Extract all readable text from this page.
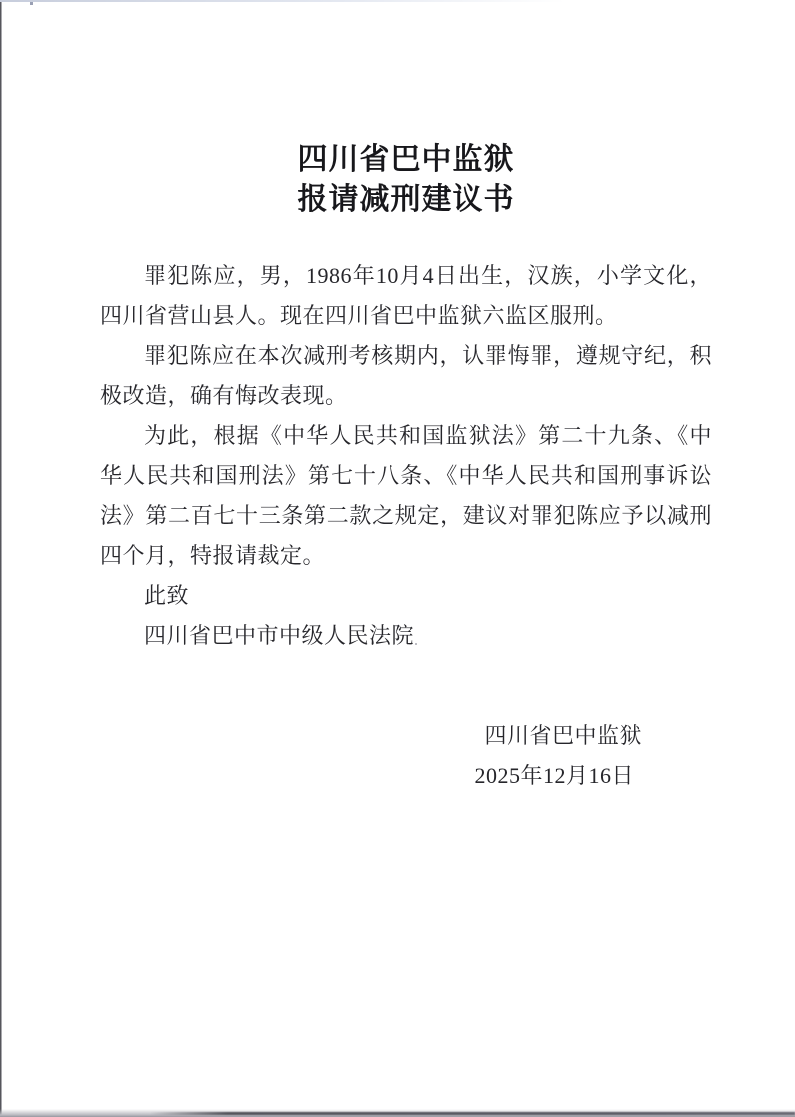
四川省巴中监狱
报请减刑建议书

罪犯陈应，男，1986年10月4日出生，汉族，小学文化，四川省营山县人。现在四川省巴中监狱六监区服刑。

罪犯陈应在本次减刑考核期内，认罪悔罪，遵规守纪，积极改造，确有悔改表现。

为此，根据《中华人民共和国监狱法》第二十九条、《中华人民共和国刑法》第七十八条、《中华人民共和国刑事诉讼法》第二百七十三条第二款之规定，建议对罪犯陈应予以减刑四个月，特报请裁定。

此致

四川省巴中市中级人民法院

四川省巴中监狱
2025年12月16日
